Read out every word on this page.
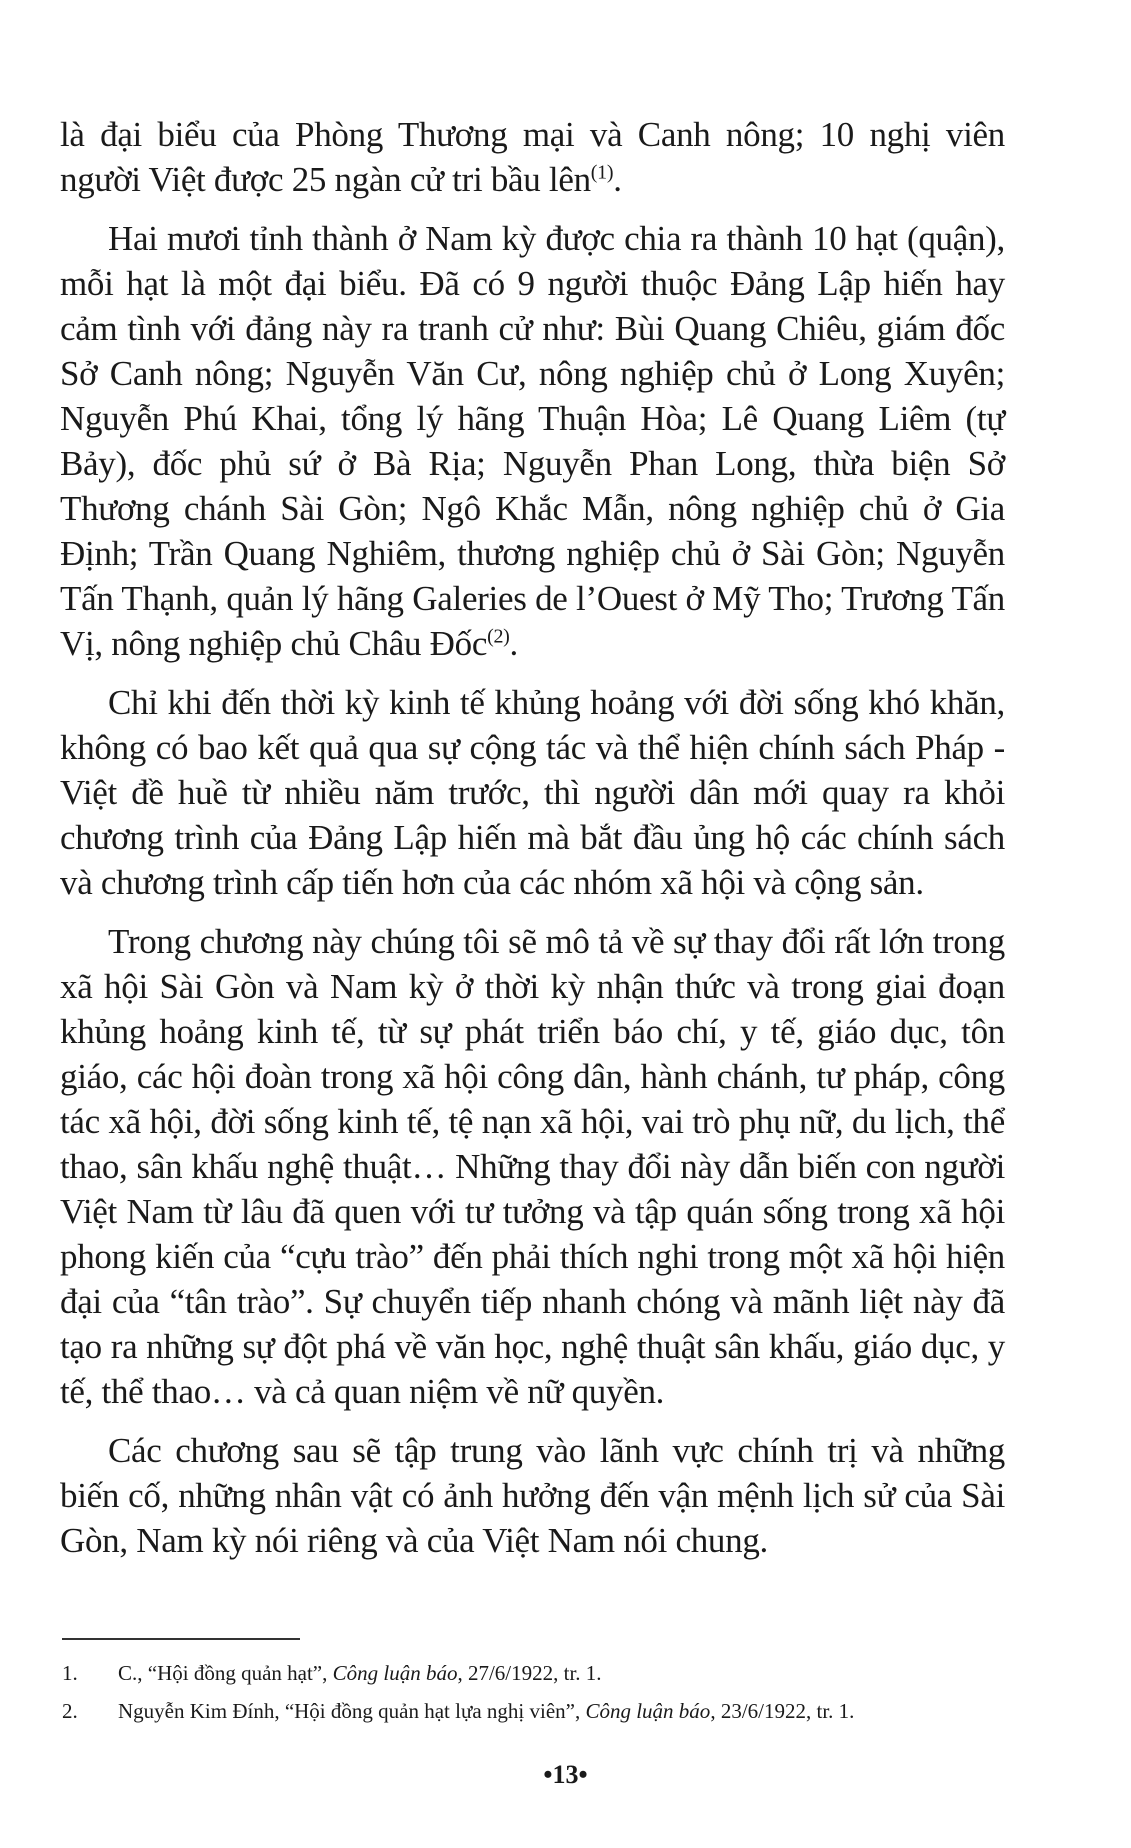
là đại biểu của Phòng Thương mại và Canh nông; 10 nghị viên người Việt được 25 ngàn cử tri bầu lên$^{(1)}$.

Hai mươi tỉnh thành ở Nam kỳ được chia ra thành 10 hạt (quận), mỗi hạt là một đại biểu. Đã có 9 người thuộc Đảng Lập hiến hay cảm tình với đảng này ra tranh cử như: Bùi Quang Chiêu, giám đốc Sở Canh nông; Nguyễn Văn Cư, nông nghiệp chủ ở Long Xuyên; Nguyễn Phú Khai, tổng lý hãng Thuận Hòa; Lê Quang Liêm (tự Bảy), đốc phủ sứ ở Bà Rịa; Nguyễn Phan Long, thừa biện Sở Thương chánh Sài Gòn; Ngô Khắc Mẫn, nông nghiệp chủ ở Gia Định; Trần Quang Nghiêm, thương nghiệp chủ ở Sài Gòn; Nguyễn Tấn Thạnh, quản lý hãng Galeries de l’Ouest ở Mỹ Tho; Trương Tấn Vị, nông nghiệp chủ Châu Đốc$^{(2)}$.

Chỉ khi đến thời kỳ kinh tế khủng hoảng với đời sống khó khăn, không có bao kết quả qua sự cộng tác và thể hiện chính sách Pháp - Việt đề huề từ nhiều năm trước, thì người dân mới quay ra khỏi chương trình của Đảng Lập hiến mà bắt đầu ủng hộ các chính sách và chương trình cấp tiến hơn của các nhóm xã hội và cộng sản.

Trong chương này chúng tôi sẽ mô tả về sự thay đổi rất lớn trong xã hội Sài Gòn và Nam kỳ ở thời kỳ nhận thức và trong giai đoạn khủng hoảng kinh tế, từ sự phát triển báo chí, y tế, giáo dục, tôn giáo, các hội đoàn trong xã hội công dân, hành chánh, tư pháp, công tác xã hội, đời sống kinh tế, tệ nạn xã hội, vai trò phụ nữ, du lịch, thể thao, sân khấu nghệ thuật… Những thay đổi này dẫn biến con người Việt Nam từ lâu đã quen với tư tưởng và tập quán sống trong xã hội phong kiến của “cựu trào” đến phải thích nghi trong một xã hội hiện đại của “tân trào”. Sự chuyển tiếp nhanh chóng và mãnh liệt này đã tạo ra những sự đột phá về văn học, nghệ thuật sân khấu, giáo dục, y tế, thể thao… và cả quan niệm về nữ quyền.

Các chương sau sẽ tập trung vào lãnh vực chính trị và những biến cố, những nhân vật có ảnh hưởng đến vận mệnh lịch sử của Sài Gòn, Nam kỳ nói riêng và của Việt Nam nói chung.

1.	C., “Hội đồng quản hạt”, Công luận báo, 27/6/1922, tr. 1.
2.	Nguyễn Kim Đính, “Hội đồng quản hạt lựa nghị viên”, Công luận báo, 23/6/1922, tr. 1.
•13•
